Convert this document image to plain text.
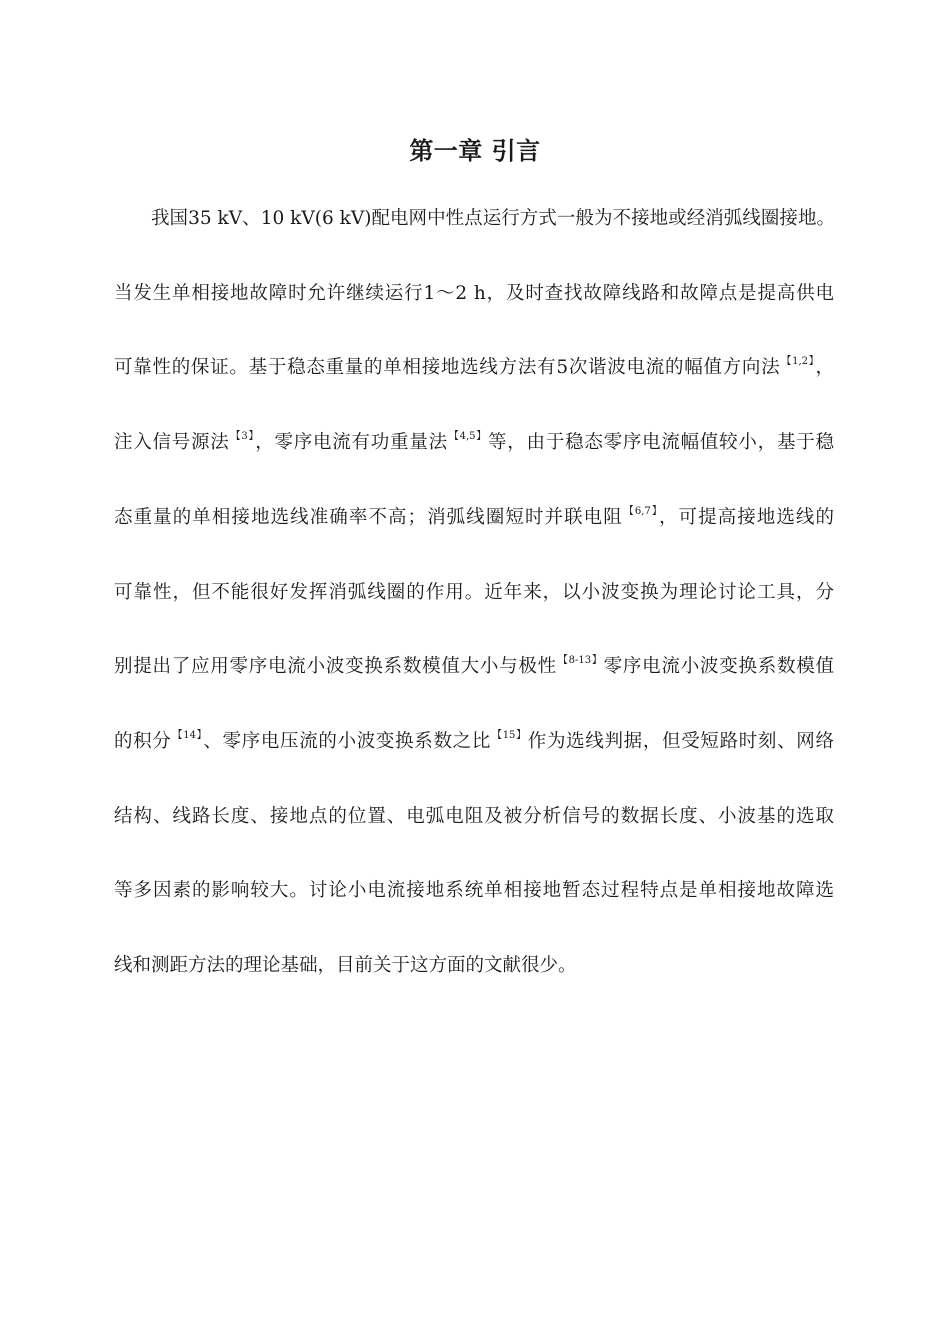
第一章 引言
我国35 kV、10 kV(6 kV)配电网中性点运行方式一般为不接地或经消弧线圈接地。
当发生单相接地故障时允许继续运行1～2 h，及时查找故障线路和故障点是提高供电
可靠性的保证。基于稳态重量的单相接地选线方法有5次谐波电流的幅值方向法$^{【1,2】}$，
注入信号源法$^{【3】}$，零序电流有功重量法$^{【4,5】}$等，由于稳态零序电流幅值较小，基于稳
态重量的单相接地选线准确率不高；消弧线圈短时并联电阻$^{【6,7】}$，可提高接地选线的
可靠性，但不能很好发挥消弧线圈的作用。近年来，以小波变换为理论讨论工具，分
别提出了应用零序电流小波变换系数模值大小与极性$^{【8-13】}$零序电流小波变换系数模值
的积分$^{【14】}$、零序电压流的小波变换系数之比$^{【15】}$作为选线判据，但受短路时刻、网络
结构、线路长度、接地点的位置、电弧电阻及被分析信号的数据长度、小波基的选取
等多因素的影响较大。讨论小电流接地系统单相接地暂态过程特点是单相接地故障选
线和测距方法的理论基础，目前关于这方面的文献很少。
